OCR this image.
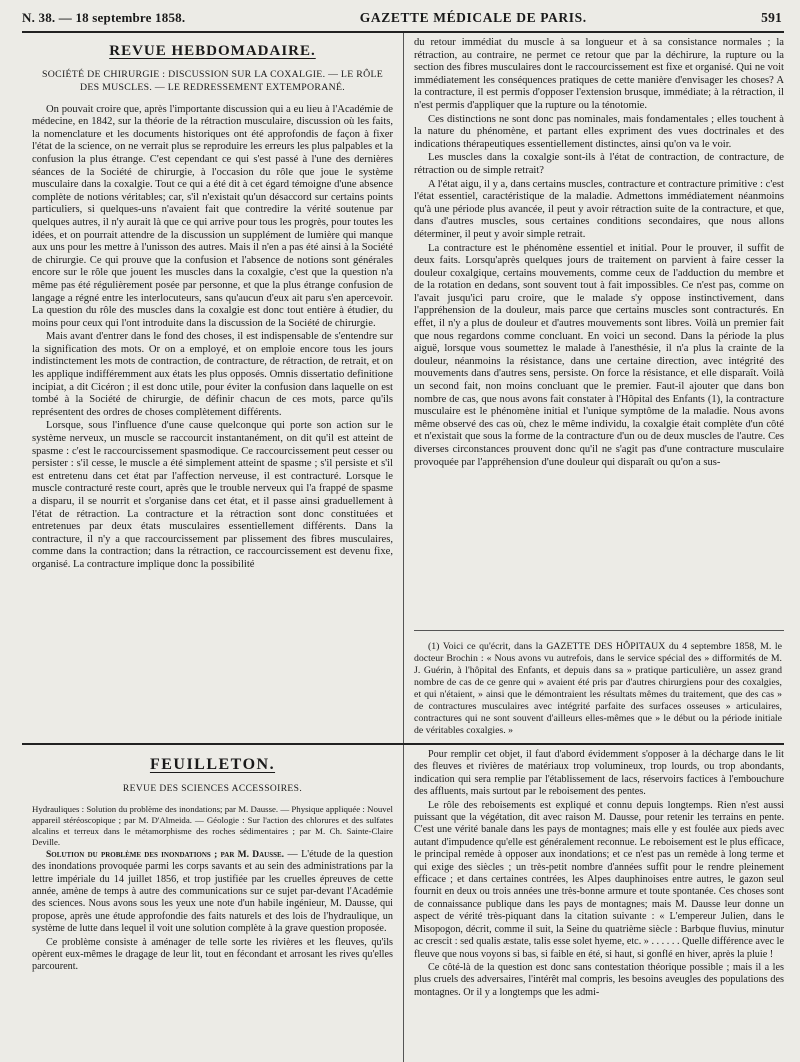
N. 38. — 18 septembre 1858.	GAZETTE MÉDICALE DE PARIS.	591
REVUE HEBDOMADAIRE.
SOCIÉTÉ DE CHIRURGIE : DISCUSSION SUR LA COXALGIE. — LE RÔLE DES MUSCLES. — LE REDRESSEMENT EXTEMPORANÉ.

On pouvait croire que, après l'importante discussion qui a eu lieu à l'Académie de médecine, en 1842, sur la théorie de la rétraction musculaire, discussion où les faits, la nomenclature et les documents historiques ont été approfondis de façon à fixer l'état de la science, on ne verrait plus se reproduire les erreurs les plus palpables et la confusion la plus étrange. C'est cependant ce qui s'est passé à l'une des dernières séances de la Société de chirurgie, à l'occasion du rôle que joue le système musculaire dans la coxalgie. Tout ce qui a été dit à cet égard témoigne d'une absence complète de notions véritables; car, s'il n'existait qu'un désaccord sur certains points particuliers, si quelques-uns n'avaient fait que contredire la vérité soutenue par quelques autres, il n'y aurait là que ce qui arrive pour tous les progrès, pour toutes les idées, et on pourrait attendre de la discussion un supplément de lumière qui manque aux uns pour les mettre à l'unisson des autres. Mais il n'en a pas été ainsi à la Société de chirurgie. Ce qui prouve que la confusion et l'absence de notions sont générales encore sur le rôle que jouent les muscles dans la coxalgie, c'est que la question n'a même pas été régulièrement posée par personne, et que la plus étrange confusion de langage a régné entre les interlocuteurs, sans qu'aucun d'eux ait paru s'en apercevoir. La question du rôle des muscles dans la coxalgie est donc tout entière à étudier, du moins pour ceux qui l'ont introduite dans la discussion de la Société de chirurgie.

Mais avant d'entrer dans le fond des choses, il est indispensable de s'entendre sur la signification des mots. Or on a employé, et on emploie encore tous les jours indistinctement les mots de contraction, de contracture, de rétraction, de retrait, et on les applique indifféremment aux états les plus opposés. Omnis dissertatio definitione incipiat, a dit Cicéron ; il est donc utile, pour éviter la confusion dans laquelle on est tombé à la Société de chirurgie, de définir chacun de ces mots, parce qu'ils représentent des ordres de choses complètement différents.

Lorsque, sous l'influence d'une cause quelconque qui porte son action sur le système nerveux, un muscle se raccourcit instantanément, on dit qu'il est atteint de spasme : c'est le raccourcissement spasmodique. Ce raccourcissement peut cesser ou persister : s'il cesse, le muscle a été simplement atteint de spasme ; s'il persiste et s'il est entretenu dans cet état par l'affection nerveuse, il est contracturé. Lorsque le muscle contracturé reste court, après que le trouble nerveux qui l'a frappé de spasme a disparu, il se nourrit et s'organise dans cet état, et il passe ainsi graduellement à l'état de rétraction. La contracture et la rétraction sont donc constituées et entretenues par deux états musculaires essentiellement différents. Dans la contracture, il n'y a que raccourcissement par plissement des fibres musculaires, comme dans la contraction; dans la rétraction, ce raccourcissement est devenu fixe, organisé. La contracture implique donc la possibilité

du retour immédiat du muscle à sa longueur et à sa consistance normales ; la rétraction, au contraire, ne permet ce retour que par la déchirure, la rupture ou la section des fibres musculaires dont le raccourcissement est fixe et organisé. Qui ne voit immédiatement les conséquences pratiques de cette manière d'envisager les choses? A la contracture, il est permis d'opposer l'extension brusque, immédiate; à la rétraction, il n'est permis d'appliquer que la rupture ou la ténotomie.

Ces distinctions ne sont donc pas nominales, mais fondamentales ; elles touchent à la nature du phénomène, et partant elles expriment des vues doctrinales et des indications thérapeutiques essentiellement distinctes, ainsi qu'on va le voir.

Les muscles dans la coxalgie sont-ils à l'état de contraction, de contracture, de rétraction ou de simple retrait?

A l'état aigu, il y a, dans certains muscles, contracture et contracture primitive : c'est l'état essentiel, caractéristique de la maladie. Admettons immédiatement néanmoins qu'à une période plus avancée, il peut y avoir rétraction suite de la contracture, et que, dans d'autres muscles, sous certaines conditions secondaires, que nous allons déterminer, il peut y avoir simple retrait.

La contracture est le phénomène essentiel et initial. Pour le prouver, il suffit de deux faits. Lorsqu'après quelques jours de traitement on parvient à faire cesser la douleur coxalgique, certains mouvements, comme ceux de l'adduction du membre et de la rotation en dedans, sont souvent tout à fait impossibles. Ce n'est pas, comme on l'avait jusqu'ici paru croire, que le malade s'y oppose instinctivement, dans l'appréhension de la douleur, mais parce que certains muscles sont contracturés. En effet, il n'y a plus de douleur et d'autres mouvements sont libres. Voilà un premier fait que nous regardons comme concluant. En voici un second. Dans la période la plus aiguë, lorsque vous soumettez le malade à l'anesthésie, il n'a plus la crainte de la douleur, néanmoins la résistance, dans une certaine direction, avec intégrité des mouvements dans d'autres sens, persiste. On force la résistance, et elle disparaît. Voilà un second fait, non moins concluant que le premier. Faut-il ajouter que dans bon nombre de cas, que nous avons fait constater à l'Hôpital des Enfants (1), la contracture musculaire est le phénomène initial et l'unique symptôme de la maladie. Nous avons même observé des cas où, chez le même individu, la coxalgie était complète d'un côté et n'existait que sous la forme de la contracture d'un ou de deux muscles de l'autre. Ces diverses circonstances prouvent donc qu'il ne s'agit pas d'une contracture musculaire provoquée par l'appréhension d'une douleur qui disparaît ou qu'on a sus-

(1) Voici ce qu'écrit, dans la GAZETTE DES HÔPITAUX du 4 septembre 1858, M. le docteur Brochin : « Nous avons vu autrefois, dans le service spécial des » difformités de M. J. Guérin, à l'hôpital des Enfants, et depuis dans sa » pratique particulière, un assez grand nombre de cas de ce genre qui » avaient été pris par d'autres chirurgiens pour des coxalgies, et qui n'étaient, » ainsi que le démontraient les résultats mêmes du traitement, que des cas » de contractures musculaires avec intégrité parfaite des surfaces osseuses » articulaires, contractures qui ne sont souvent d'ailleurs elles-mêmes que » le début ou la période initiale de véritables coxalgies. »

FEUILLETON.
REVUE DES SCIENCES ACCESSOIRES.

Hydrauliques : Solution du problème des inondations; par M. Dausse. — Physique appliquée : Nouvel appareil stéréoscopique ; par M. D'Almeida. — Géologie : Sur l'action des chlorures et des sulfates alcalins et terreux dans le métamorphisme des roches sédimentaires ; par M. Ch. Sainte-Claire Deville.

Solution du problème des inondations ; par M. Dausse. — L'étude de la question des inondations provoquée parmi les corps savants et au sein des administrations par la lettre impériale du 14 juillet 1856, et trop justifiée par les cruelles épreuves de cette année, amène de temps à autre des communications sur ce sujet par-devant l'Académie des sciences. Nous avons sous les yeux une note d'un habile ingénieur, M. Dausse, qui propose, après une étude approfondie des faits naturels et des lois de l'hydraulique, un système de lutte dans lequel il voit une solution complète à la grave question proposée.

Ce problème consiste à aménager de telle sorte les rivières et les fleuves, qu'ils opèrent eux-mêmes le dragage de leur lit, tout en fécondant et arrosant les rives qu'elles parcourent.

Pour remplir cet objet, il faut d'abord évidemment s'opposer à la décharge dans le lit des fleuves et rivières de matériaux trop volumineux, trop lourds, ou trop abondants, indication qui sera remplie par l'établissement de lacs, réservoirs factices à l'embouchure des affluents, mais surtout par le reboisement des pentes.

Le rôle des reboisements est expliqué et connu depuis longtemps. Rien n'est aussi puissant que la végétation, dit avec raison M. Dausse, pour retenir les terrains en pente. C'est une vérité banale dans les pays de montagnes; mais elle y est foulée aux pieds avec autant d'impudence qu'elle est généralement reconnue. Le reboisement est le plus efficace, le principal remède à opposer aux inondations; et ce n'est pas un remède à long terme et qui exige des siècles ; un très-petit nombre d'années suffit pour le rendre pleinement efficace ; et dans certaines contrées, les Alpes dauphinoises entre autres, le gazon seul fournit en deux ou trois années une très-bonne armure et toute spontanée. Ces choses sont de connaissance publique dans les pays de montagnes; mais M. Dausse leur donne un aspect de vérité très-piquant dans la citation suivante : « L'empereur Julien, dans le Misopogon, décrit, comme il suit, la Seine du quatrième siècle : Barbque fluvius, minutur ac crescit : sed qualis æstate, talis esse solet hyeme, etc. » . . . . . . Quelle différence avec le fleuve que nous voyons si bas, si faible en été, si haut, si gonflé en hiver, après la pluie !

Ce côté-là de la question est donc sans contestation théorique possible ; mais il a les plus cruels des adversaires, l'intérêt mal compris, les besoins aveugles des populations des montagnes. Or il y a longtemps que les admi-
